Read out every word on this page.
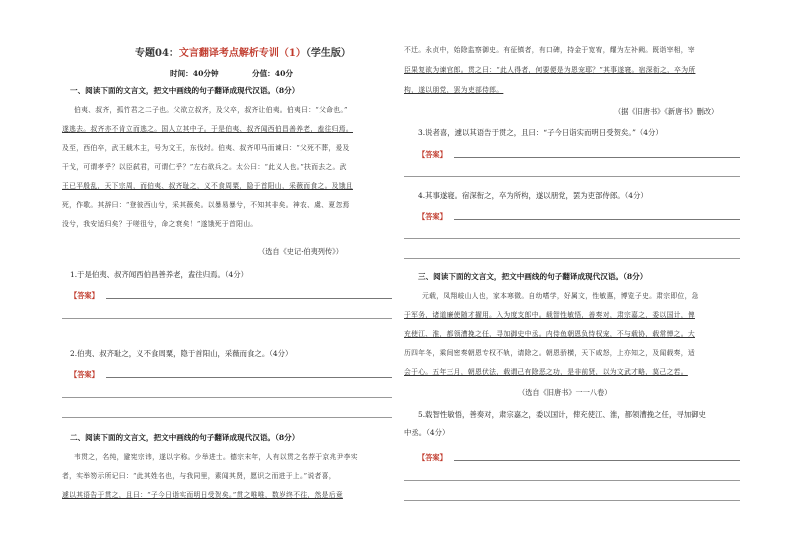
专题04：文言翻译考点解析专训（1）（学生版）
时间：40分钟	分值：40分
一、阅读下面的文言文，把文中画线的句子翻译成现代汉语。（8分）
伯夷、叔齐，孤竹君之二子也。父欲立叔齐，及父卒，叔齐让伯夷。伯夷曰：“父命也。”
遂逃去。叔齐亦不肯立而逃之。国人立其中子。于是伯夷、叔齐闻西伯昌善养老，盍往归焉。
及至，西伯卒，武王载木主，号为文王，东伐纣。伯夷、叔齐叩马而谏曰：“父死不葬，爰及
干戈，可谓孝乎？以臣弑君，可谓仁乎？”左右欲兵之。太公曰：“此义人也。”扶而去之。武
王已平殷乱，天下宗周，而伯夷、叔齐耻之，义不食周粟，隐于首阳山，采薇而食之。及饿且
死，作歌。其辞曰：“登彼西山兮，采其薇矣。以暴易暴兮，不知其非矣。神农、虞、夏忽焉
没兮，我安适归矣？于嗟徂兮，命之衰矣！”遂饿死于首阳山。
（选自《史记·伯夷列传》）
1.于是伯夷、叔齐闻西伯昌善养老，盍往归焉。（4分）
【答案】
2.伯夷、叔齐耻之，义不食周粟，隐于首阳山，采薇而食之。（4分）
【答案】
二、阅读下面的文言文，把文中画线的句子翻译成现代汉语。（8分）
韦贯之，名纯，避宪宗讳，遂以字称。少举进士。德宗末年，人有以贯之名荐于京兆尹李实
者，实举笏示所记曰：“此其姓名也，与我同里，素闻其贤，愿识之而进于上。”说者喜，
遽以其语告于贯之，且曰：“子今日诣实而明日受贺矣。”贯之唯唯，数岁终不往，然是后竟
不迁。永贞中，始除监察御史。有征镇者，有口碑，持金于宽宥，耀为左补阙。既诣宰相，宰
臣果复欲为谏官郎。贯之曰：“此人得者，何要便是为恩宠耶？”其事遂寝。宿深衔之，卒为所
构，遂以朋党，罢为吏部侍郎。
（据《旧唐书》《新唐书》删改）
3.说者喜，遽以其语告于贯之，且曰：“子今日诣实而明日受贺矣。”（4分）
【答案】
4.其事遂寝。宿深衔之，卒为所构，遂以朋党，罢为吏部侍郎。（4分）
【答案】
三、阅读下面的文言文，把文中画线的句子翻译成现代汉语。（8分）
元载，凤翔岐山人也，家本寒微。自幼嗜学，好属文，性敏惠，博览子史。肃宗即位，急
于军务，诸道廉使随才擢用。入为度支郎中。载智性敏悟，善奏对，肃宗嘉之，委以国计，俾
充使江、淮，都领漕挽之任，寻加御史中丞。内侍鱼朝恩负恃权宠，不与载协，载常惮之。大
历四年冬，乘间密奏朝恩专权不轨，请除之。朝恩骄横，天下咸怒，上亦知之，及闻载奏，适
会于心。五年三月，朝恩伏法，载谓己有除恶之功，是非前贤，以为文武才略，莫己之若。
（选自《旧唐书》一一八卷）
5.载智性敏悟，善奏对，肃宗嘉之，委以国计，俾充使江、淮，都领漕挽之任，寻加御史
中丞。（4分）
【答案】
